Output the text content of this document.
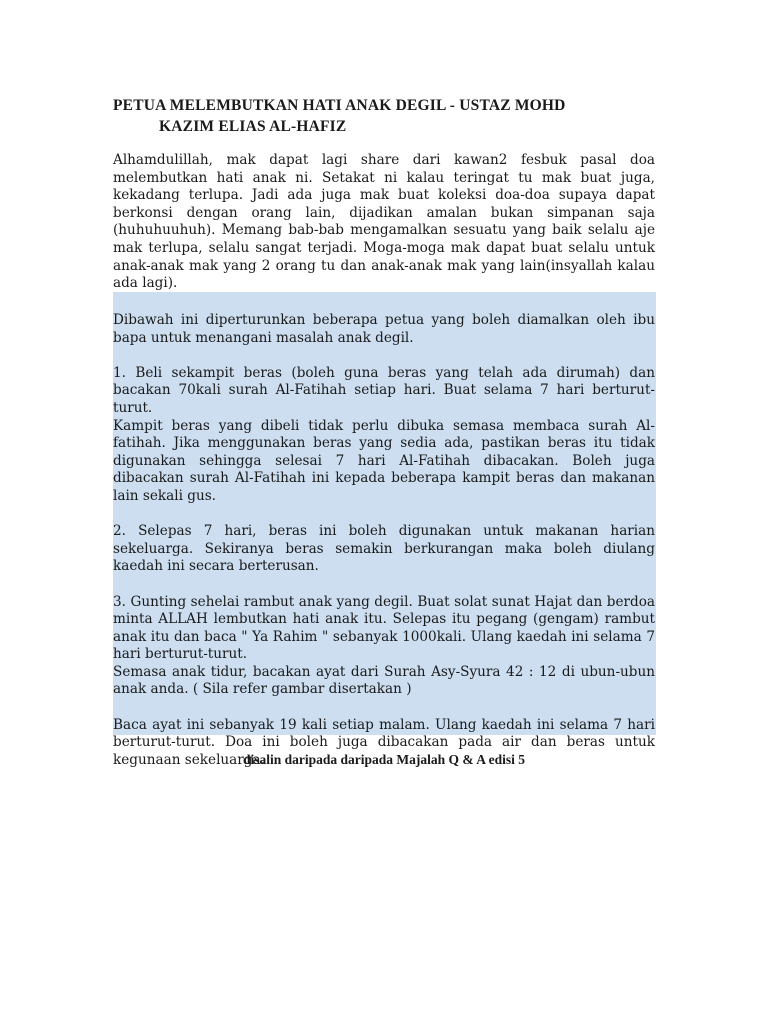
PETUA MELEMBUTKAN HATI ANAK DEGIL - USTAZ MOHD
KAZIM ELIAS AL-HAFIZ

Alhamdulillah, mak dapat lagi share dari kawan2 fesbuk pasal doa melembutkan hati anak ni. Setakat ni kalau teringat tu mak buat juga, kekadang terlupa. Jadi ada juga mak buat koleksi doa-doa supaya dapat berkonsi dengan orang lain, dijadikan amalan bukan simpanan saja (huhuhuuhuh). Memang bab-bab mengamalkan sesuatu yang baik selalu aje mak terlupa, selalu sangat terjadi. Moga-moga mak dapat buat selalu untuk anak-anak mak yang 2 orang tu dan anak-anak mak yang lain(insyallah kalau ada lagi).

Dibawah ini diperturunkan beberapa petua yang boleh diamalkan oleh ibu bapa untuk menangani masalah anak degil.

1. Beli sekampit beras (boleh guna beras yang telah ada dirumah) dan bacakan 70kali surah Al-Fatihah setiap hari. Buat selama 7 hari berturut-turut.
Kampit beras yang dibeli tidak perlu dibuka semasa membaca surah Al-fatihah. Jika menggunakan beras yang sedia ada, pastikan beras itu tidak digunakan sehingga selesai 7 hari Al-Fatihah dibacakan. Boleh juga dibacakan surah Al-Fatihah ini kepada beberapa kampit beras dan makanan lain sekali gus.

2. Selepas 7 hari, beras ini boleh digunakan untuk makanan harian sekeluarga. Sekiranya beras semakin berkurangan maka boleh diulang kaedah ini secara berterusan.

3. Gunting sehelai rambut anak yang degil. Buat solat sunat Hajat dan berdoa minta ALLAH lembutkan hati anak itu. Selepas itu pegang (gengam) rambut anak itu dan baca " Ya Rahim " sebanyak 1000kali. Ulang kaedah ini selama 7 hari berturut-turut.
Semasa anak tidur, bacakan ayat dari Surah Asy-Syura 42 : 12 di ubun-ubun anak anda. ( Sila refer gambar disertakan )

Baca ayat ini sebanyak 19 kali setiap malam. Ulang kaedah ini selama 7 hari berturut-turut. Doa ini boleh juga dibacakan pada air dan beras untuk kegunaan sekeluarga.

disalin daripada daripada Majalah Q & A edisi 5
